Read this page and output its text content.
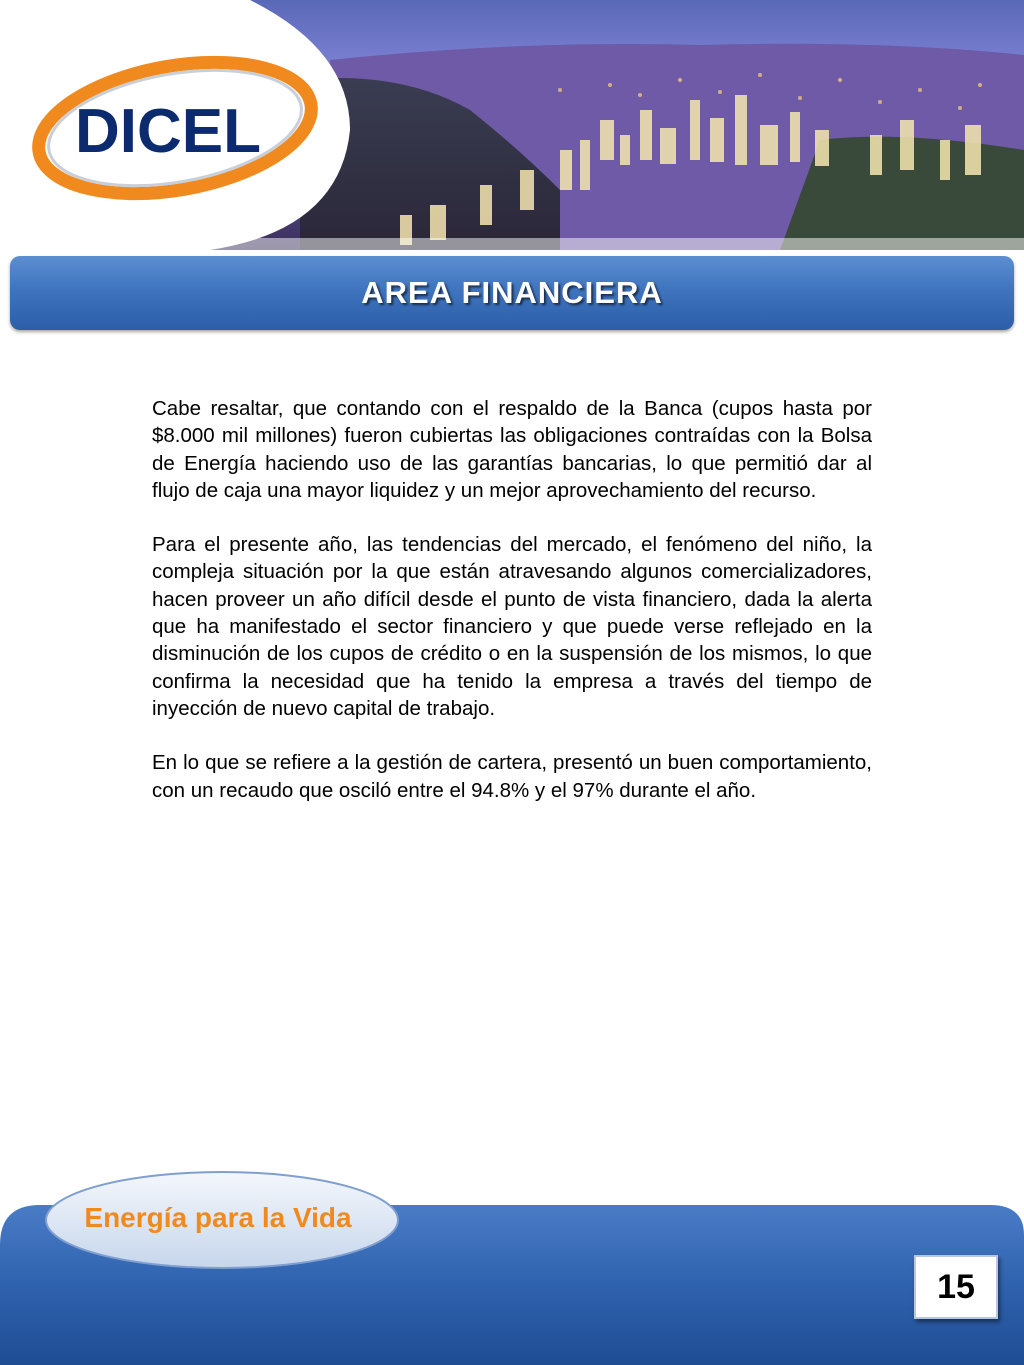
DICEL
AREA FINANCIERA

Cabe resaltar, que contando con el respaldo de la Banca (cupos hasta por $8.000 mil millones) fueron cubiertas las obligaciones contraídas con la Bolsa de Energía haciendo uso de las garantías bancarias, lo que permitió dar al flujo de caja una mayor liquidez y un mejor aprovechamiento del recurso.

Para el presente año, las tendencias del mercado, el fenómeno del niño, la compleja situación por la que están atravesando algunos comercializadores, hacen proveer un año difícil desde el punto de vista financiero, dada la alerta que ha manifestado el sector financiero y que puede verse reflejado en la disminución de los cupos de crédito o en la suspensión de los mismos, lo que confirma la necesidad que ha tenido la empresa a través del tiempo de inyección de nuevo capital de trabajo.

En lo que se refiere a la gestión de cartera, presentó un buen comportamiento, con un recaudo que osciló entre el 94.8% y el 97% durante el año.

Energía para la Vida
15
